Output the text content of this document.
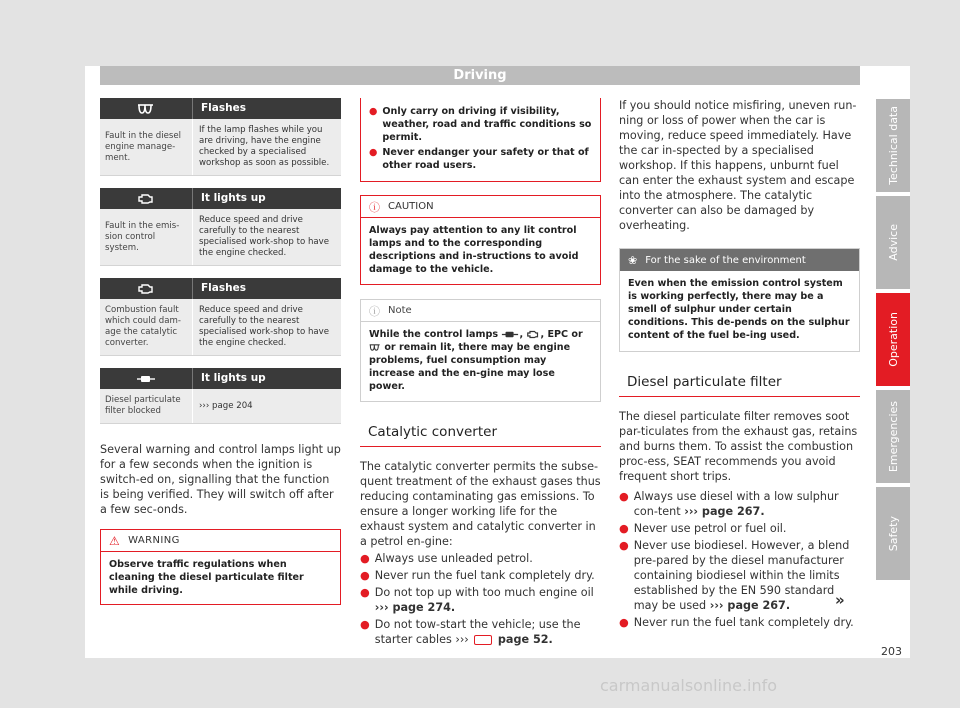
Driving
Flashes
Fault in the diesel engine manage-ment.
If the lamp flashes while you are driving, have the engine checked by a specialised workshop as soon as possible.
It lights up
Fault in the emis-sion control system.
Reduce speed and drive carefully to the nearest specialised work-shop to have the engine checked.
Flashes
Combustion fault which could dam-age the catalytic converter.
Reduce speed and drive carefully to the nearest specialised work-shop to have the engine checked.
It lights up
Diesel particulate filter blocked
››› page 204
Several warning and control lamps light up for a few seconds when the ignition is switch-ed on, signalling that the function is being verified. They will switch off after a few sec-onds.
⚠ WARNING
Observe traffic regulations when cleaning the diesel particulate filter while driving.
● Only carry on driving if visibility, weather, road and traffic conditions so permit.
● Never endanger your safety or that of other road users.
ⓘ CAUTION
Always pay attention to any lit control lamps and to the corresponding descriptions and in-structions to avoid damage to the vehicle.
ⓘ Note
While the control lamps , , EPC or  or remain lit, there may be engine problems, fuel consumption may increase and the en-gine may lose power.
Catalytic converter
The catalytic converter permits the subse-quent treatment of the exhaust gases thus reducing contaminating gas emissions. To ensure a longer working life for the exhaust system and catalytic converter in a petrol en-gine:
● Always use unleaded petrol.
● Never run the fuel tank completely dry.
● Do not top up with too much engine oil ››› page 274.
● Do not tow-start the vehicle; use the starter cables ›››	page 52.
If you should notice misfiring, uneven run-ning or loss of power when the car is moving, reduce speed immediately. Have the car in-spected by a specialised workshop. If this happens, unburnt fuel can enter the exhaust system and escape into the atmosphere. The catalytic converter can also be damaged by overheating.
❀ For the sake of the environment
Even when the emission control system is working perfectly, there may be a smell of sulphur under certain conditions. This de-pends on the sulphur content of the fuel be-ing used.
Diesel particulate filter
The diesel particulate filter removes soot par-ticulates from the exhaust gas, retains and burns them. To assist the combustion proc-ess, SEAT recommends you avoid frequent short trips.
● Always use diesel with a low sulphur con-tent ››› page 267.
● Never use petrol or fuel oil.
● Never use biodiesel. However, a blend pre-pared by the diesel manufacturer containing biodiesel within the limits established by the EN 590 standard may be used ››› page 267.
● Never run the fuel tank completely dry.
»
Technical data
Advice
Operation
Emergencies
Safety
203
carmanualsonline.info
